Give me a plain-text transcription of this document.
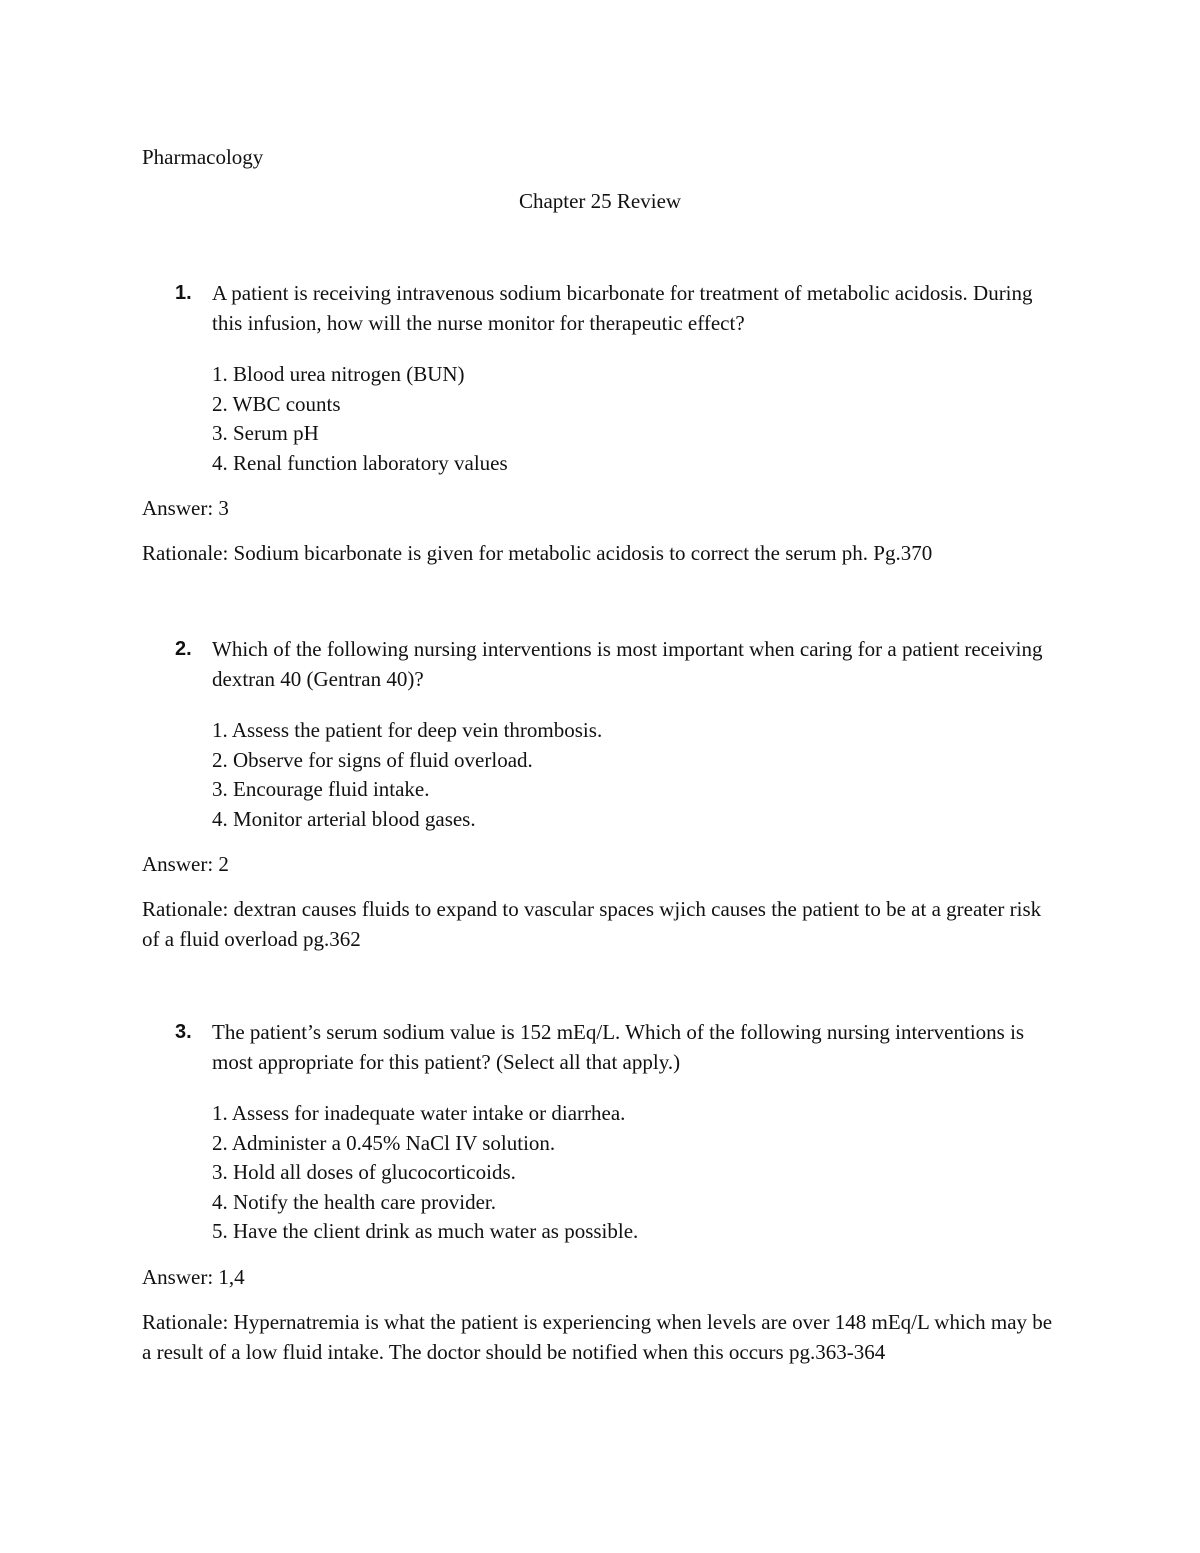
Pharmacology
Chapter 25 Review
1. A patient is receiving intravenous sodium bicarbonate for treatment of metabolic acidosis. During this infusion, how will the nurse monitor for therapeutic effect?
1. Blood urea nitrogen (BUN)
2. WBC counts
3. Serum pH
4. Renal function laboratory values
Answer: 3
Rationale: Sodium bicarbonate is given for metabolic acidosis to correct the serum ph. Pg.370
2. Which of the following nursing interventions is most important when caring for a patient receiving dextran 40 (Gentran 40)?
1. Assess the patient for deep vein thrombosis.
2. Observe for signs of fluid overload.
3. Encourage fluid intake.
4. Monitor arterial blood gases.
Answer: 2
Rationale: dextran causes fluids to expand to vascular spaces wjich causes the patient to be at a greater risk of a fluid overload pg.362
3. The patient’s serum sodium value is 152 mEq/L. Which of the following nursing interventions is most appropriate for this patient? (Select all that apply.)
1. Assess for inadequate water intake or diarrhea.
2. Administer a 0.45% NaCl IV solution.
3. Hold all doses of glucocorticoids.
4. Notify the health care provider.
5. Have the client drink as much water as possible.
Answer: 1,4
Rationale: Hypernatremia is what the patient is experiencing when levels are over 148 mEq/L which may be a result of a low fluid intake. The doctor should be notified when this occurs pg.363-364
